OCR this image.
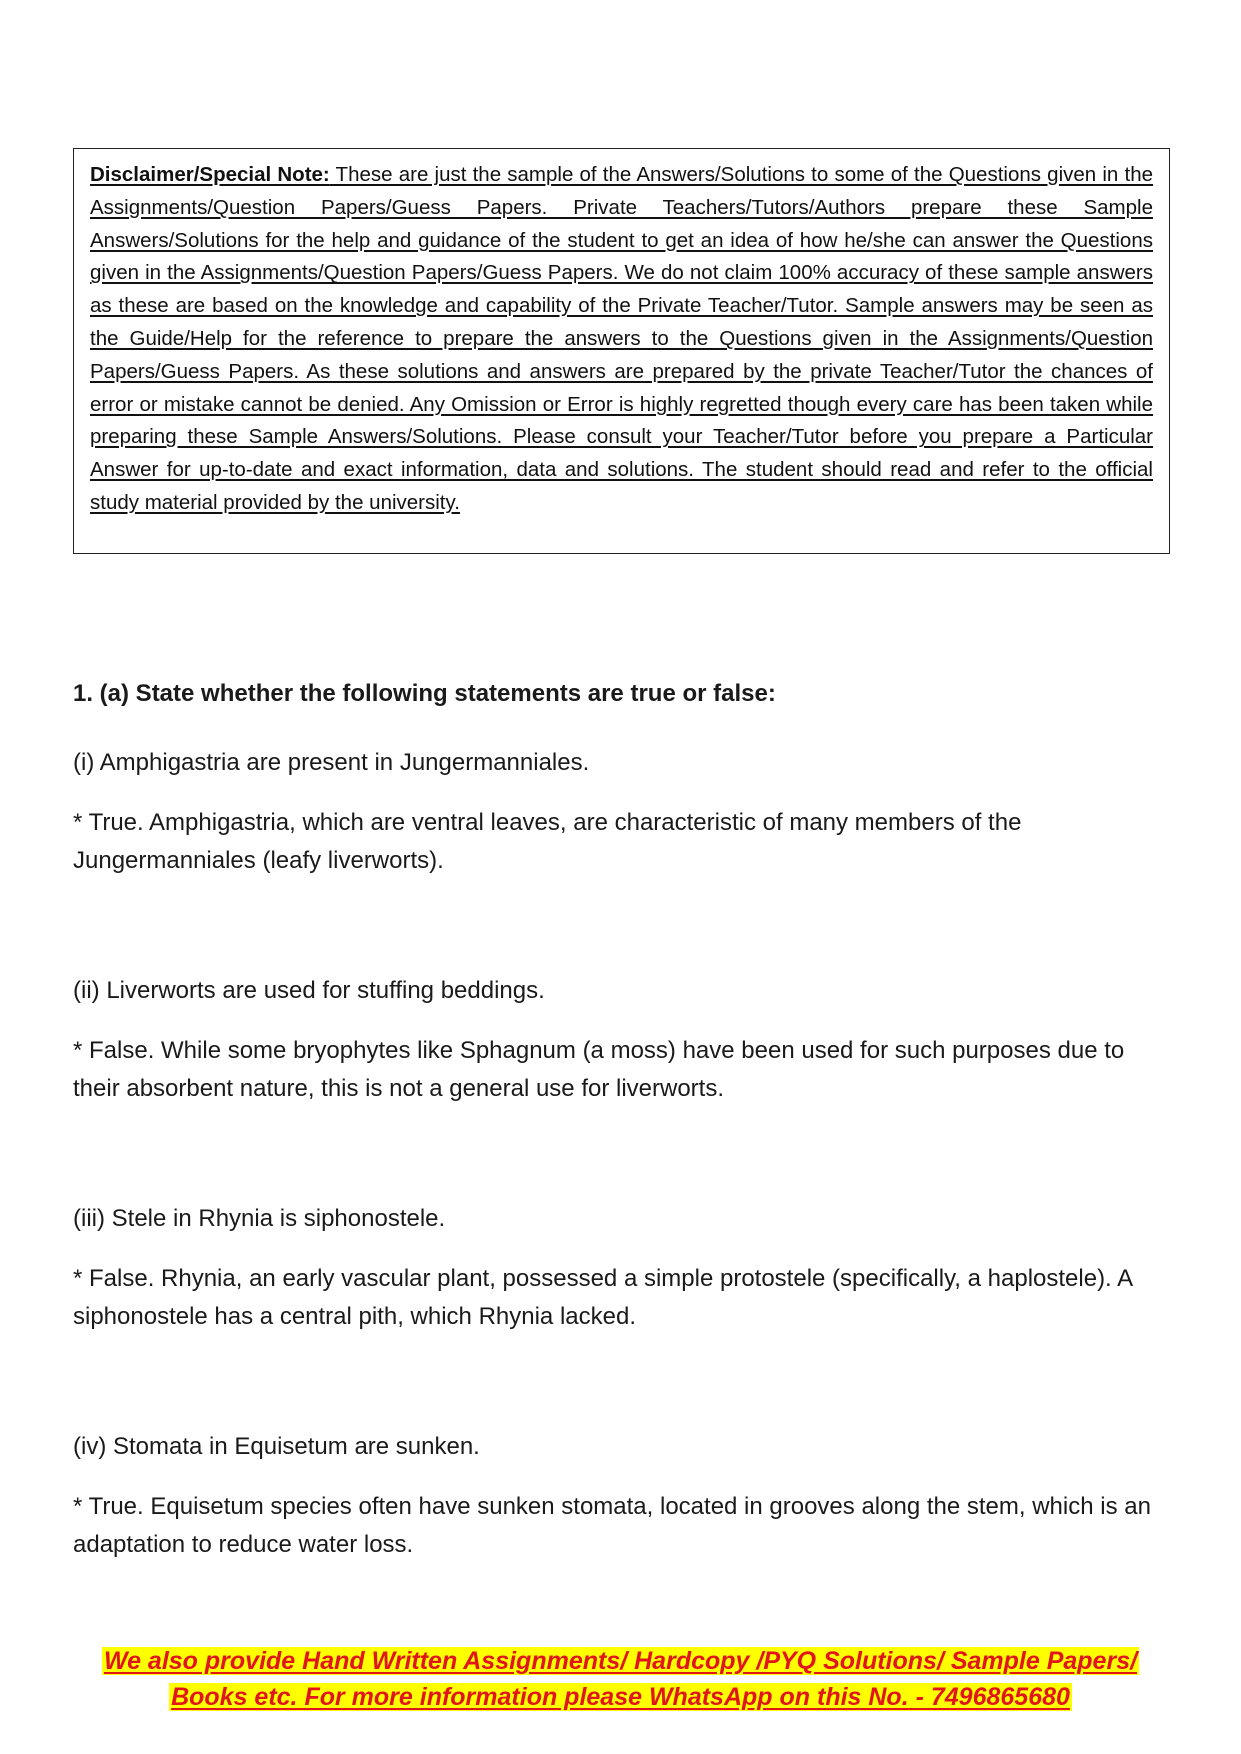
Disclaimer/Special Note: These are just the sample of the Answers/Solutions to some of the Questions given in the Assignments/Question Papers/Guess Papers. Private Teachers/Tutors/Authors prepare these Sample Answers/Solutions for the help and guidance of the student to get an idea of how he/she can answer the Questions given in the Assignments/Question Papers/Guess Papers. We do not claim 100% accuracy of these sample answers as these are based on the knowledge and capability of the Private Teacher/Tutor. Sample answers may be seen as the Guide/Help for the reference to prepare the answers to the Questions given in the Assignments/Question Papers/Guess Papers. As these solutions and answers are prepared by the private Teacher/Tutor the chances of error or mistake cannot be denied. Any Omission or Error is highly regretted though every care has been taken while preparing these Sample Answers/Solutions. Please consult your Teacher/Tutor before you prepare a Particular Answer for up-to-date and exact information, data and solutions. The student should read and refer to the official study material provided by the university.

1. (a) State whether the following statements are true or false:

(i) Amphigastria are present in Jungermanniales.

* True. Amphigastria, which are ventral leaves, are characteristic of many members of the Jungermanniales (leafy liverworts).

(ii) Liverworts are used for stuffing beddings.

* False. While some bryophytes like Sphagnum (a moss) have been used for such purposes due to their absorbent nature, this is not a general use for liverworts.

(iii) Stele in Rhynia is siphonostele.

* False. Rhynia, an early vascular plant, possessed a simple protostele (specifically, a haplostele). A siphonostele has a central pith, which Rhynia lacked.

(iv) Stomata in Equisetum are sunken.

* True. Equisetum species often have sunken stomata, located in grooves along the stem, which is an adaptation to reduce water loss.

We also provide Hand Written Assignments/ Hardcopy /PYQ Solutions/ Sample Papers/
Books etc. For more information please WhatsApp on this No. - 7496865680
